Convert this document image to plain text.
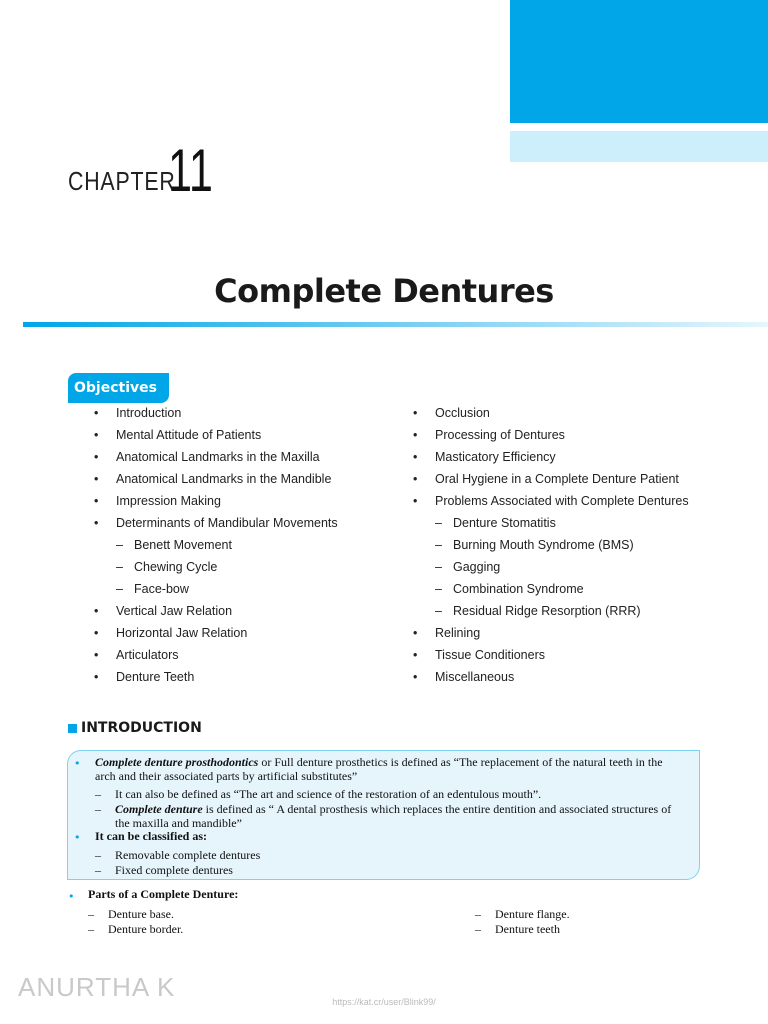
CHAPTER
11
Complete Dentures
Objectives
• Introduction
• Mental Attitude of Patients
• Anatomical Landmarks in the Maxilla
• Anatomical Landmarks in the Mandible
• Impression Making
• Determinants of Mandibular Movements
– Benett Movement
– Chewing Cycle
– Face-bow
• Vertical Jaw Relation
• Horizontal Jaw Relation
• Articulators
• Denture Teeth
• Occlusion
• Processing of Dentures
• Masticatory Efficiency
• Oral Hygiene in a Complete Denture Patient
• Problems Associated with Complete Dentures
– Denture Stomatitis
– Burning Mouth Syndrome (BMS)
– Gagging
– Combination Syndrome
– Residual Ridge Resorption (RRR)
• Relining
• Tissue Conditioners
• Miscellaneous
INTRODUCTION
• Complete denture prosthodontics or Full denture prosthetics is defined as “The replacement of the natural teeth in the
arch and their associated parts by artificial substitutes”
– It can also be defined as “The art and science of the restoration of an edentulous mouth”.
– Complete denture is defined as “ A dental prosthesis which replaces the entire dentition and associated structures of
the maxilla and mandible”
• It can be classified as:
– Removable complete dentures
– Fixed complete dentures
• Parts of a Complete Denture:
– Denture base.
– Denture border.
– Denture flange.
– Denture teeth
ANURTHA K	https://kat.cr/user/Blink99/
